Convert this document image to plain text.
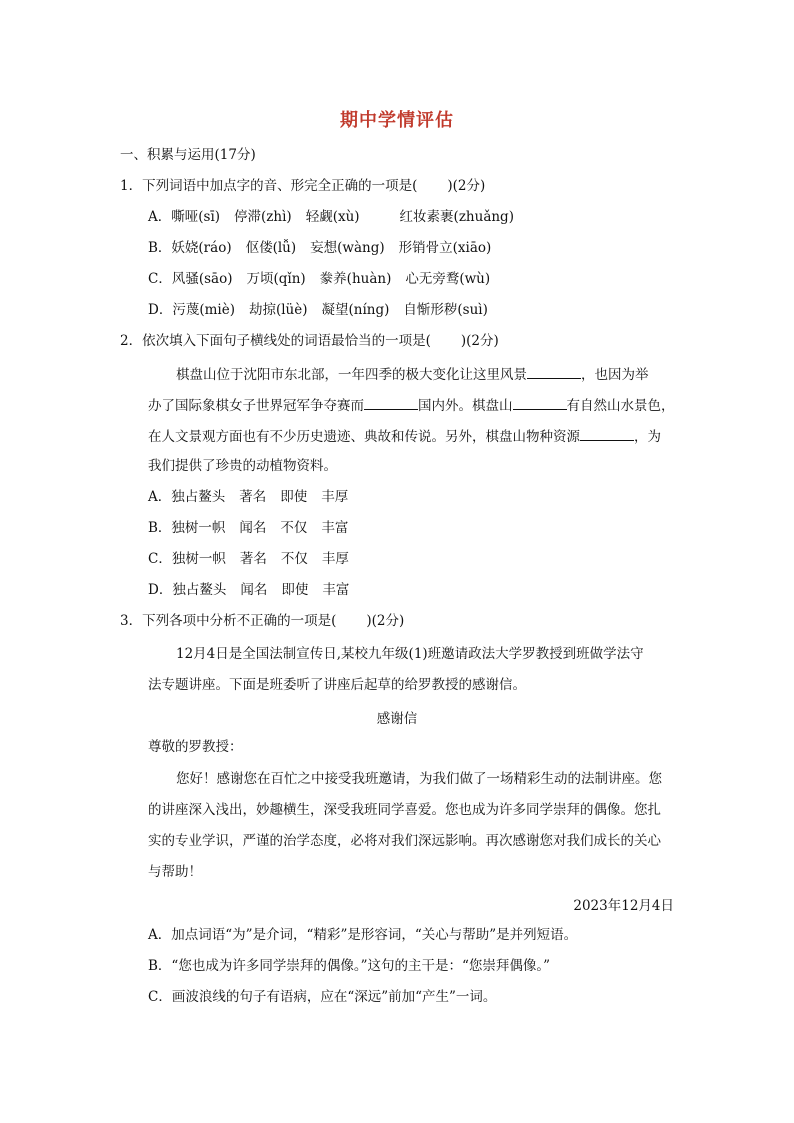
期中学情评估
一、积累与运用(17分)
1．下列词语中加点字的音、形完全正确的一项是( )(2分)
A．嘶哑(sī) 停滞(zhì) 轻觑(xù)	红妆素裹(zhuǎng)
B．妖娆(ráo) 伛偻(lǚ) 妄想(wàng) 形销骨立(xiāo)
C．风骚(sāo) 万顷(qǐn) 豢养(huàn) 心无旁鹜(wù)
D．污蔑(miè) 劫掠(lüè) 凝望(níng) 自惭形秽(suì)
2．依次填入下面句子横线处的词语最恰当的一项是( )(2分)
棋盘山位于沈阳市东北部，一年四季的极大变化让这里风景	，也因为举
办了国际象棋女子世界冠军争夺赛而	国内外。棋盘山	有自然山水景色，
在人文景观方面也有不少历史遗迹、典故和传说。另外，棋盘山物种资源	，为
我们提供了珍贵的动植物资料。
A．独占鳌头 著名 即使 丰厚
B．独树一帜 闻名 不仅 丰富
C．独树一帜 著名 不仅 丰厚
D．独占鳌头 闻名 即使 丰富
3．下列各项中分析不正确的一项是( )(2分)
12月4日是全国法制宣传日,某校九年级(1)班邀请政法大学罗教授到班做学法守
法专题讲座。下面是班委听了讲座后起草的给罗教授的感谢信。
感谢信
尊敬的罗教授：
您好！感谢您在百忙之中接受我班邀请，为我们做了一场精彩生动的法制讲座。您
的讲座深入浅出，妙趣横生，深受我班同学喜爱。您也成为许多同学崇拜的偶像。您扎
实的专业学识，严谨的治学态度，必将对我们深远影响。再次感谢您对我们成长的关心
与帮助！
2023年12月4日
A．加点词语“为”是介词，“精彩”是形容词，“关心与帮助”是并列短语。
B．“您也成为许多同学崇拜的偶像。”这句的主干是：“您崇拜偶像。”
C．画波浪线的句子有语病，应在“深远”前加“产生”一词。
